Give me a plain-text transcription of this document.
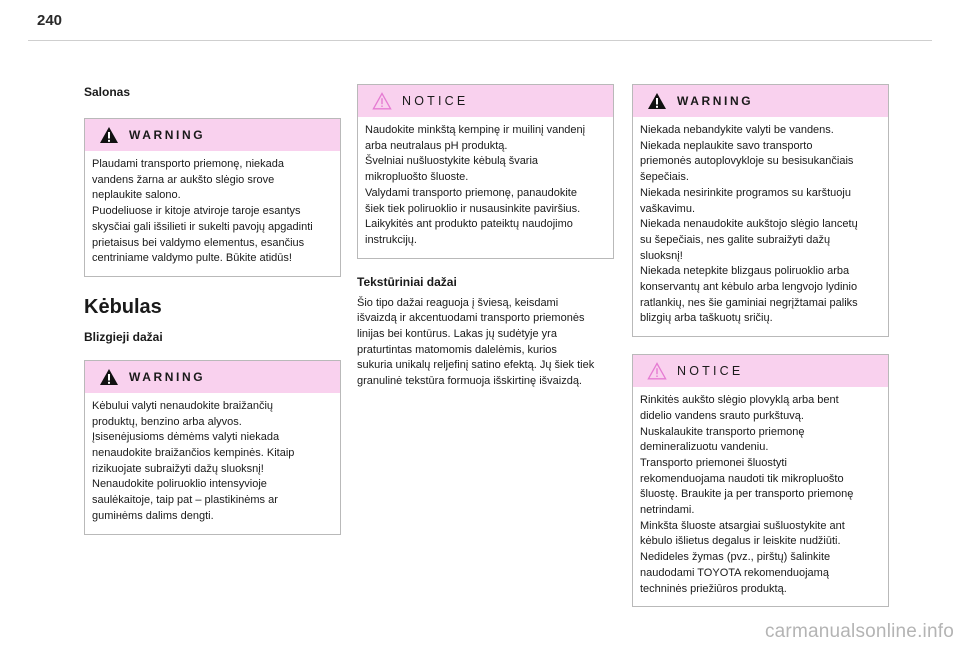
240
Salonas
WARNING
Plaudami transporto priemonę, niekada
vandens žarna ar aukšto slėgio srove
neplaukite salono.
Puodeliuose ir kitoje atviroje taroje esantys
skysčiai gali išsilieti ir sukelti pavojų apgadinti
prietaisus bei valdymo elementus, esančius
centriniame valdymo pulte. Būkite atidūs!
Kėbulas
Blizgieji dažai
WARNING
Kėbului valyti nenaudokite braižančių
produktų, benzino arba alyvos.
Įsisenėjusioms dėmėms valyti niekada
nenaudokite braižančios kempinės. Kitaip
rizikuojate subraižyti dažų sluoksnį!
Nenaudokite poliruoklio intensyvioje
saulėkaitoje, taip pat – plastikinėms ar
gumінėms dalims dengti.
NOTICE
Naudokite minkštą kempinę ir muilinį vandenį
arba neutralaus pH produktą.
Švelniai nušluostykite kėbulą švaria
mikropluošto šluoste.
Valydami transporto priemonę, panaudokite
šiek tiek poliruoklio ir nusausinkite paviršius.
Laikykitės ant produkto pateiktų naudojimo
instrukcijų.
Tekstūriniai dažai

Šio tipo dažai reaguoja į šviesą, keisdami
išvaizdą ir akcentuodami transporto priemonės
linijas bei kontūrus. Lakas jų sudėtyje yra
praturtintas matomomis dalelėmis, kurios
sukuria unikalų reljefinį satino efektą. Jų šiek tiek
granulinė tekstūra formuoja išskirtinę išvaizdą.

WARNING
Niekada nebandykite valyti be vandens.
Niekada neplaukite savo transporto
priemonės autoplovykloje su besisukančiais
šepečiais.
Niekada nesirinkite programos su karštuoju
vaškavimu.
Niekada nenaudokite aukštojo slėgio lancetų
su šepečiais, nes galite subraižyti dažų
sluoksnį!
Niekada netepkite blizgaus poliruoklio arba
konservantų ant kėbulo arba lengvojo lydinio
ratlankių, nes šie gaminiai negrįžtamai paliks
blizgių arba taškuotų sričių.
NOTICE
Rinkitės aukšto slėgio plovyklą arba bent
didelio vandens srauto purkštuvą.
Nuskalaukite transporto priemonę
demineralizuotu vandeniu.
Transporto priemonei šluostyti
rekomenduojama naudoti tik mikropluošto
šluostę. Braukite ja per transporto priemonę
netrindami.
Minkšta šluoste atsargiai sušluostykite ant
kėbulo išlietus degalus ir leiskite nudžiūti.
Nedideles žymas (pvz., pirštų) šalinkite
naudodami TOYOTA rekomenduojamą
techninės priežiūros produktą.
carmanualsonline.info
